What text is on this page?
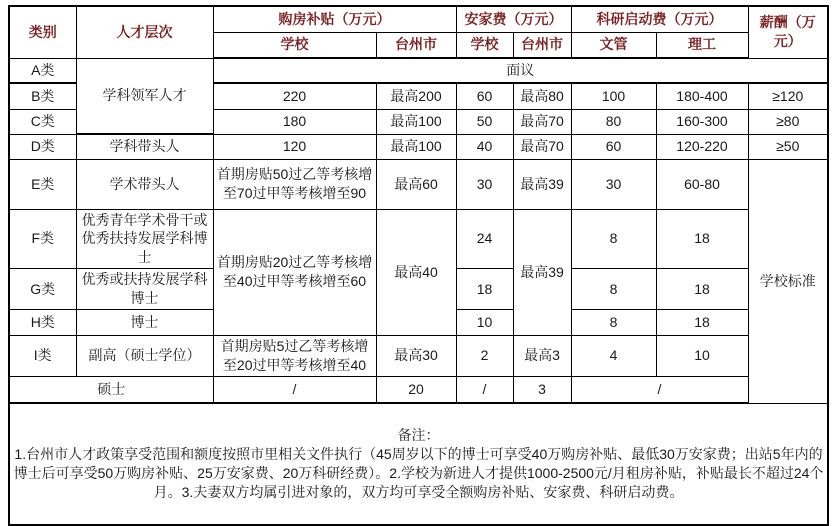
类别	人才层次	购房补贴（万元）		安家费（万元）		科研启动费（万元）		薪酬（万元）
		学校	台州市	学校	台州市	文管	理工	
A类	学科领军人才	面议						
B类		220	最高200	60	最高80	100	180-400	≥120
C类		180	最高100	50	最高70	80	160-300	≥80
D类	学科带头人	120	最高100	40	最高70	60	120-220	≥50
E类	学术带头人	首期房贴50过乙等考核增至70过甲等考核增至90	最高60	30	最高39	30	60-80	学校标准
F类	优秀青年学术骨干或优秀扶持发展学科博士	首期房贴20过乙等考核增至40过甲等考核增至60	最高40	24	最高39	8	18	
G类	优秀或扶持发展学科博士			18		8	18	
H类	博士			10		8	18	
I类	副高（硕士学位）	首期房贴5过乙等考核增至20过甲等考核增至40	最高30	2	最高3	4	10	
硕士		/	20	/	3	/		

备注：
1.台州市人才政策享受范围和额度按照市里相关文件执行（45周岁以下的博士可享受40万购房补贴、最低30万安家费；出站5年内的博士后可享受50万购房补贴、25万安家费、20万科研经费）。2.学校为新进人才提供1000-2500元/月租房补贴，补贴最长不超过24个月。3.夫妻双方均属引进对象的，双方均可享受全额购房补贴、安家费、科研启动费。								
